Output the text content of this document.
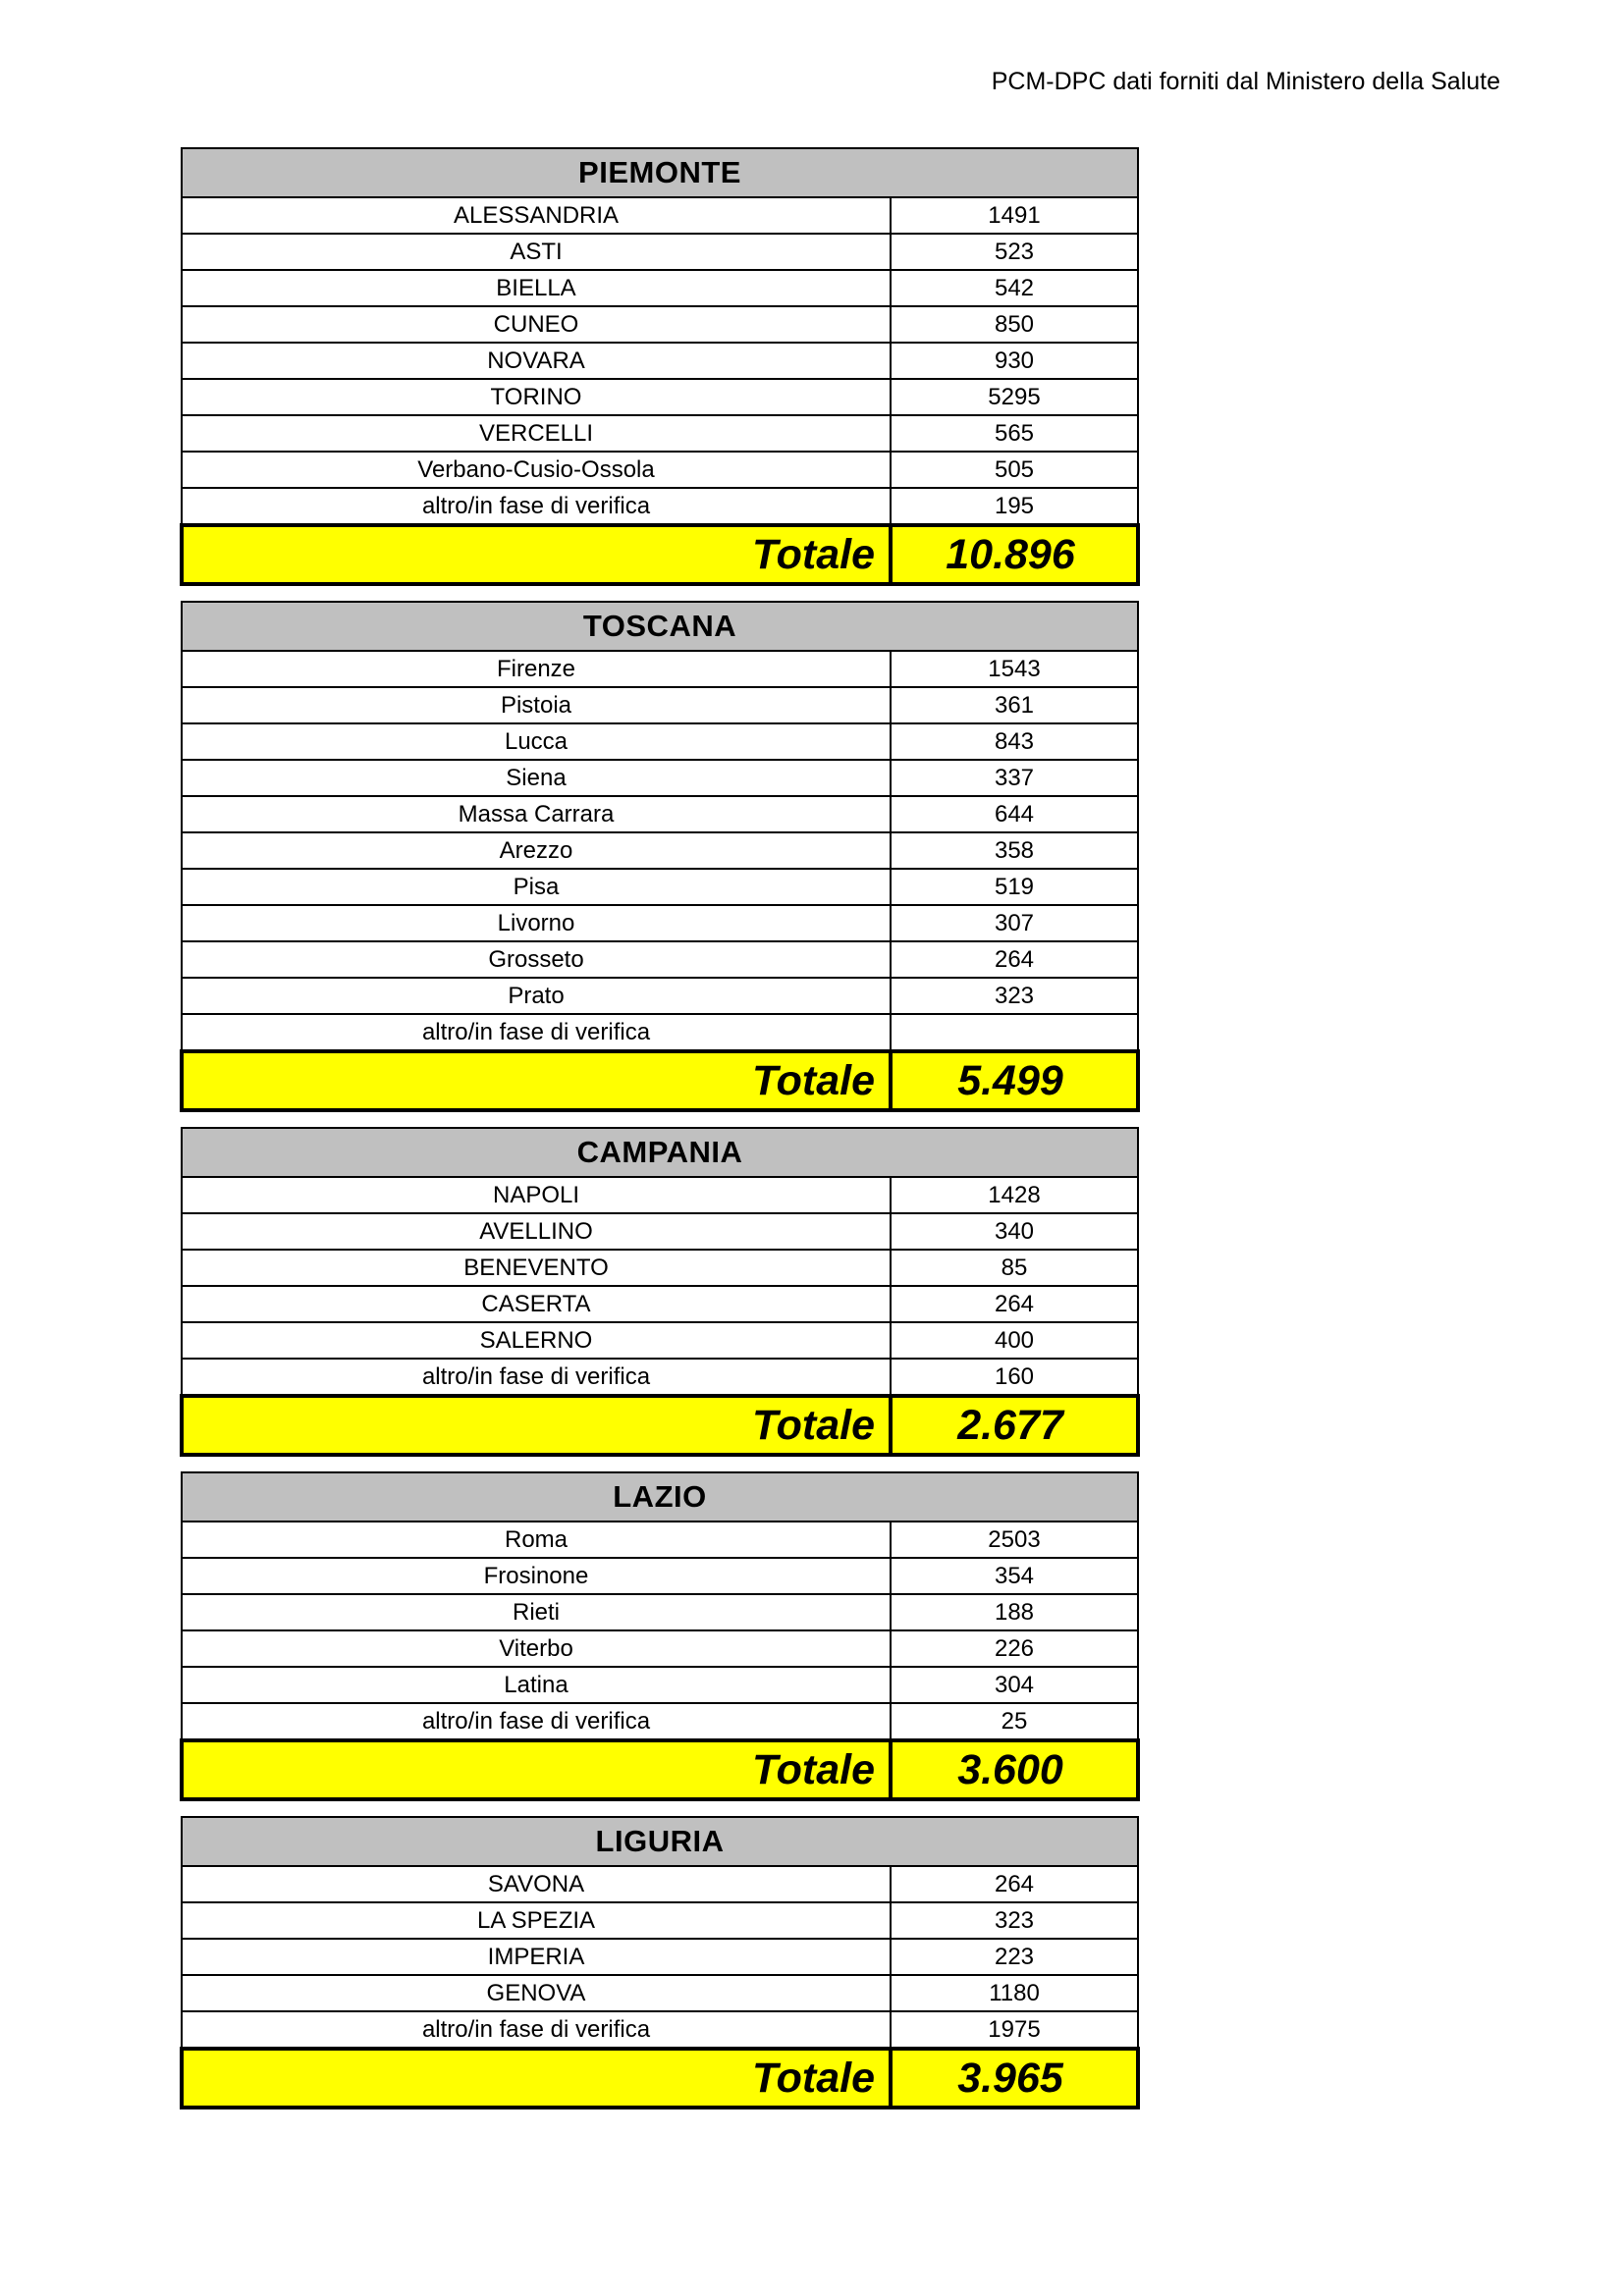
PCM-DPC dati forniti dal Ministero della Salute
PIEMONTE	
ALESSANDRIA	1491
ASTI	523
BIELLA	542
CUNEO	850
NOVARA	930
TORINO	5295
VERCELLI	565
Verbano-Cusio-Ossola	505
altro/in fase di verifica	195
Totale	10.896
TOSCANA	
Firenze	1543
Pistoia	361
Lucca	843
Siena	337
Massa Carrara	644
Arezzo	358
Pisa	519
Livorno	307
Grosseto	264
Prato	323
altro/in fase di verifica	
Totale	5.499
CAMPANIA	
NAPOLI	1428
AVELLINO	340
BENEVENTO	85
CASERTA	264
SALERNO	400
altro/in fase di verifica	160
Totale	2.677
LAZIO	
Roma	2503
Frosinone	354
Rieti	188
Viterbo	226
Latina	304
altro/in fase di verifica	25
Totale	3.600
LIGURIA	
SAVONA	264
LA SPEZIA	323
IMPERIA	223
GENOVA	1180
altro/in fase di verifica	1975
Totale	3.965
